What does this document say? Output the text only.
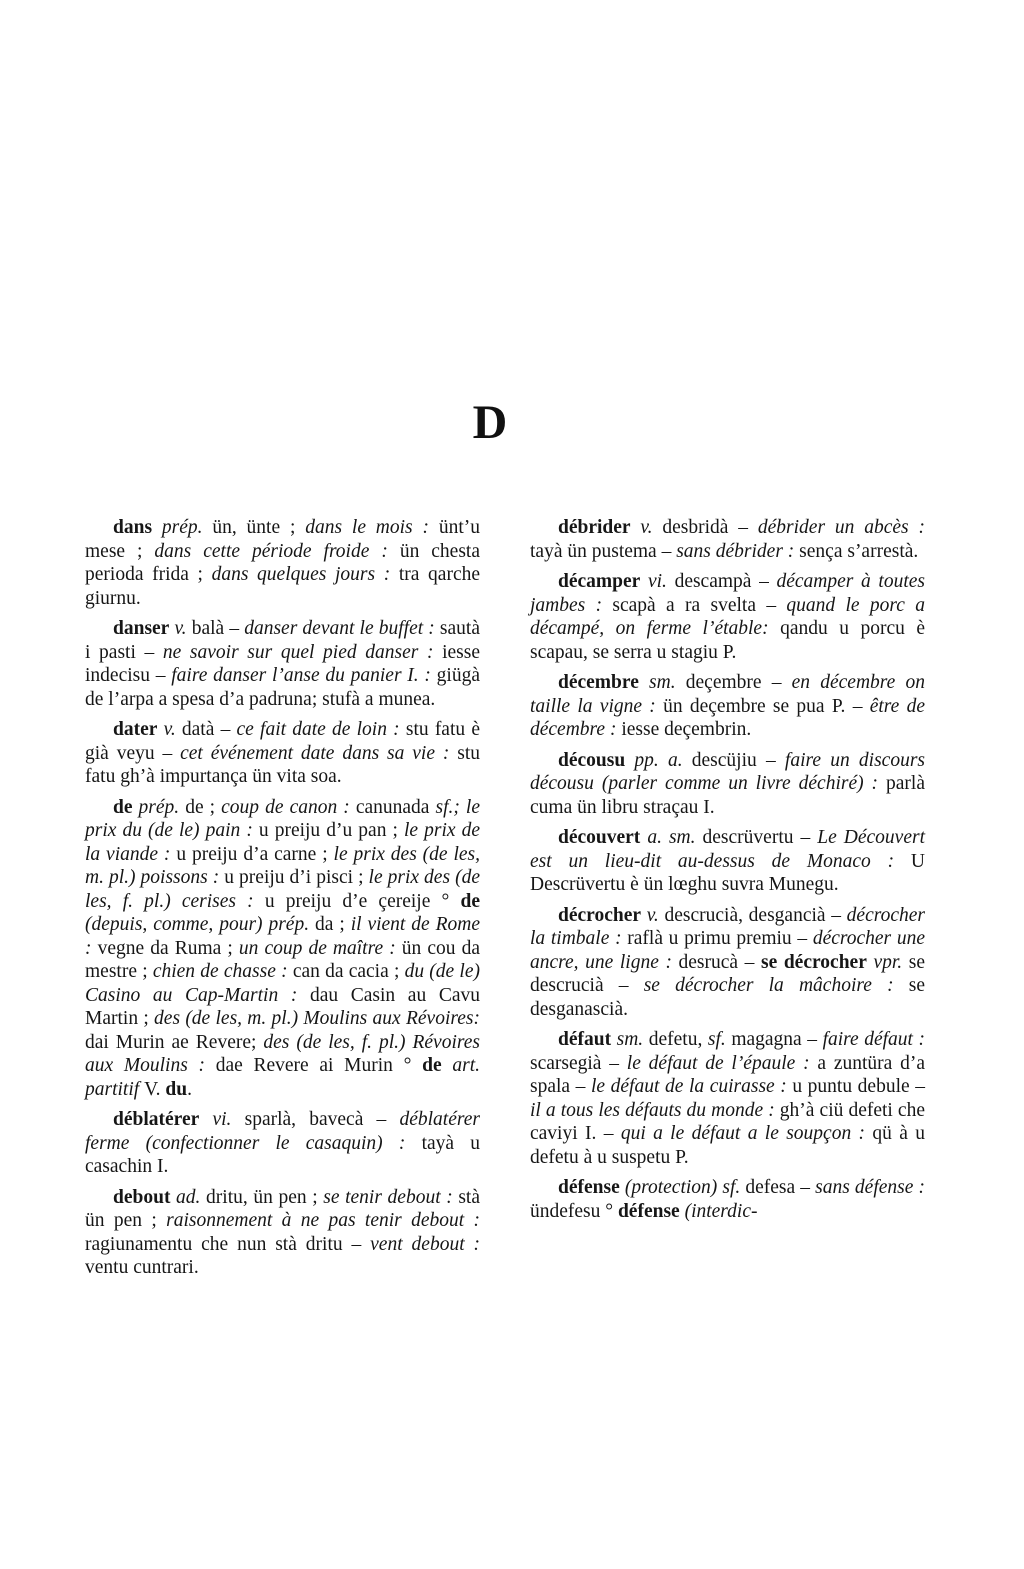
D

dans prép. ün, ünte ; dans le mois : ünt’u mese ; dans cette période froide : ün chesta perioda frida ; dans quelques jours : tra qarche giurnu.

danser v. balà – danser devant le buffet : sautà i pasti – ne savoir sur quel pied danser : iesse indecisu – faire danser l’anse du panier I. : giügà de l’arpa a spesa d’a padruna; stufà a munea.

dater v. datà – ce fait date de loin : stu fatu è già veyu – cet événement date dans sa vie : stu fatu gh’à impurtança ün vita soa.

de prép. de ; coup de canon : canunada sf.; le prix du (de le) pain : u preiju d’u pan ; le prix de la viande : u preiju d’a carne ; le prix des (de les, m. pl.) poissons : u preiju d’i pisci ; le prix des (de les, f. pl.) cerises : u preiju d’e çereije ° de (depuis, comme, pour) prép. da ; il vient de Rome : vegne da Ruma ; un coup de maître : ün cou da mestre ; chien de chasse : can da cacia ; du (de le) Casino au Cap-Martin : dau Casin au Cavu Martin ; des (de les, m. pl.) Moulins aux Révoires: dai Murin ae Revere; des (de les, f. pl.) Révoires aux Moulins : dae Revere ai Murin ° de art. partitif V. du.

déblatérer vi. sparlà, bavecà – déblatérer ferme (confectionner le casaquin) : tayà u casachin I.

debout ad. dritu, ün pen ; se tenir debout : stà ün pen ; raisonnement à ne pas tenir debout : ragiunamentu che nun stà dritu – vent debout : ventu cuntrari.

débrider v. desbridà – débrider un abcès : tayà ün pustema – sans débrider : sença s’arrestà.

décamper vi. descampà – décamper à toutes jambes : scapà a ra svelta – quand le porc a décampé, on ferme l’étable: qandu u porcu è scapau, se serra u stagiu P.

décembre sm. deçembre – en décembre on taille la vigne : ün deçembre se pua P. – être de décembre : iesse deçembrin.

décousu pp. a. descüjiu – faire un discours décousu (parler comme un livre déchiré) : parlà cuma ün libru straçau I.

découvert a. sm. descrüvertu – Le Découvert est un lieu-dit au-dessus de Monaco : U Descrüvertu è ün lœghu suvra Munegu.

décrocher v. descrucià, desgancià – décrocher la timbale : raflà u primu premiu – décrocher une ancre, une ligne : desrucà – se décrocher vpr. se descrucià – se décrocher la mâchoire : se desganascià.

défaut sm. defetu, sf. magagna – faire défaut : scarsegià – le défaut de l’épaule : a zuntüra d’a spala – le défaut de la cuirasse : u puntu debule – il a tous les défauts du monde : gh’à ciü defeti che caviyi I. – qui a le défaut a le soupçon : qü à u defetu à u suspetu P.

défense (protection) sf. defesa – sans défense : ündefesu ° défense (interdic-
